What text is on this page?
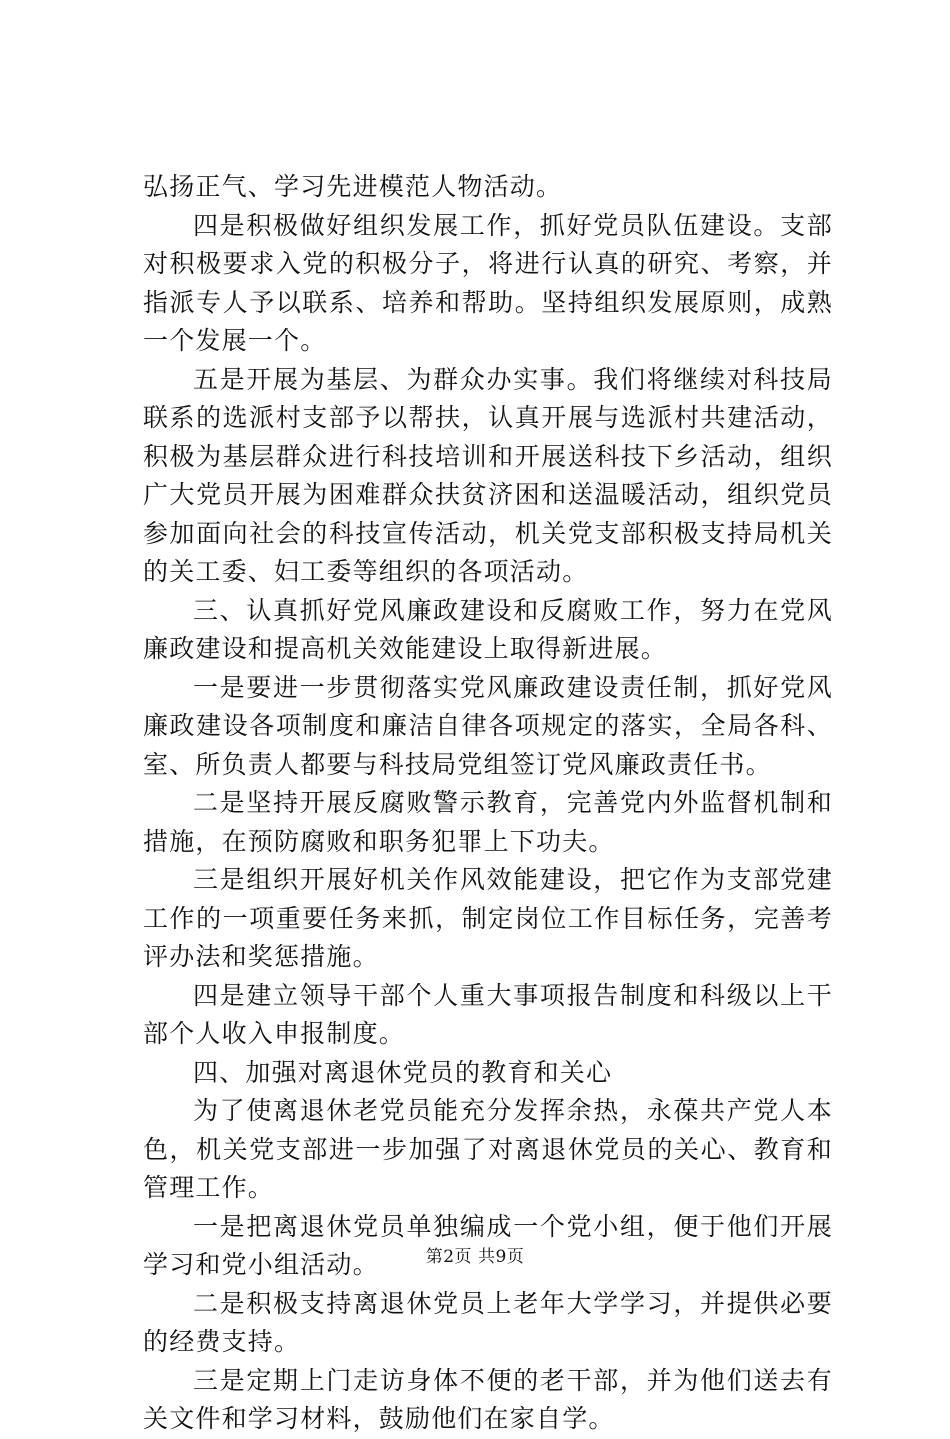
弘扬正气、学习先进模范人物活动。

四是积极做好组织发展工作，抓好党员队伍建设。支部对积极要求入党的积极分子，将进行认真的研究、考察，并指派专人予以联系、培养和帮助。坚持组织发展原则，成熟一个发展一个。

五是开展为基层、为群众办实事。我们将继续对科技局联系的选派村支部予以帮扶，认真开展与选派村共建活动，积极为基层群众进行科技培训和开展送科技下乡活动，组织广大党员开展为困难群众扶贫济困和送温暖活动，组织党员参加面向社会的科技宣传活动，机关党支部积极支持局机关的关工委、妇工委等组织的各项活动。

三、认真抓好党风廉政建设和反腐败工作，努力在党风廉政建设和提高机关效能建设上取得新进展。

一是要进一步贯彻落实党风廉政建设责任制，抓好党风廉政建设各项制度和廉洁自律各项规定的落实，全局各科、室、所负责人都要与科技局党组签订党风廉政责任书。

二是坚持开展反腐败警示教育，完善党内外监督机制和措施，在预防腐败和职务犯罪上下功夫。

三是组织开展好机关作风效能建设，把它作为支部党建工作的一项重要任务来抓，制定岗位工作目标任务，完善考评办法和奖惩措施。

四是建立领导干部个人重大事项报告制度和科级以上干部个人收入申报制度。

四、加强对离退休党员的教育和关心

为了使离退休老党员能充分发挥余热，永葆共产党人本色，机关党支部进一步加强了对离退休党员的关心、教育和管理工作。

一是把离退休党员单独编成一个党小组，便于他们开展学习和党小组活动。

二是积极支持离退休党员上老年大学学习，并提供必要的经费支持。

三是定期上门走访身体不便的老干部，并为他们送去有关文件和学习材料，鼓励他们在家自学。

第2页 共9页
